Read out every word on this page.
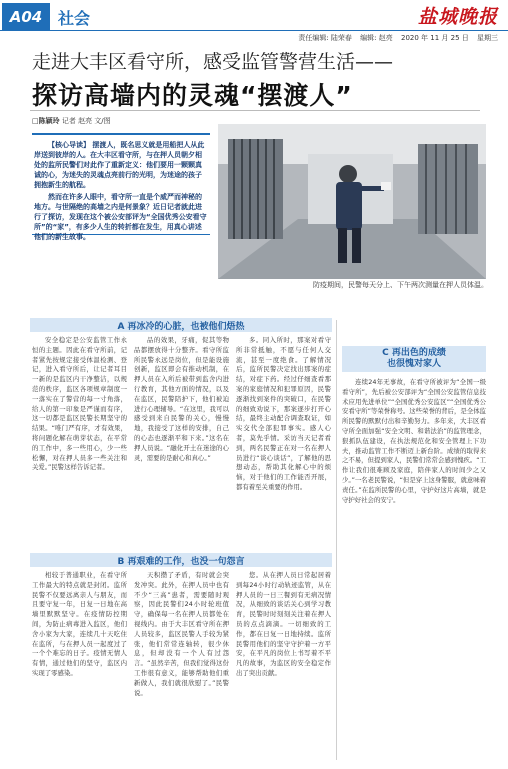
A04 社会	盐城晚报
责任编辑: 陆荣春 编辑: 赵亮 2020 年 11 月 25 日 星期三
走进大丰区看守所，感受监管警营生活——
探访高墙内的灵魂“摆渡人”
□陈颖玲 记者 赵亮 文/图

【核心导读】 摆渡人，既名思义就是用船把人从此岸送到彼岸的人。在大丰区看守所，与在押人员朝夕相处的监所民警们对此作了重新定义：他们要用一颗颗真诚的心，为迷失的灵魂点亮前行的光明，为迷途的孩子拥抱新生的航程。

然而在许多人眼中，看守所一直是个威严而神秘的地方。与世隔绝的高墙之内是何景象？近日记者就此进行了探访，发现在这个被公安部评为“全国优秀公安看守所”的“家”，有多少人生的转折都在发生，用真心讲述他们的新生故事。

防疫期间，民警每天分上、下午两次测量在押人员体温。
A 再冰冷的心脏，也被他们焐热

安全稳定是公安监管工作永恒的主题。因此在看守所前，记者紧先按规定接受体温检测、登记，进入看守所后，让记者耳目一新的是监区内干净整洁，以规范的秩序，监区各项规章制度一一落实在了警营的每一寸角落，给人的第一印象是严谨而有序，这一切都是监区民警长期坚守的结果。“唯门严有序，才有效果，将问题化解在萌芽状态，在平常的工作中，多一些用心，少一些松懈，对在押人员多一些关注和关爱。”民警这样告诉记者。

品的效果，牙痛，促其等物品都摆放得十分整齐。看守所监所民警永远是岗位，但是能设施创新，监区即会有推动机制，在押人员在入所后被带到监舍内进行教育，其他方面的情况，以及在监区，民警陪护下，他们被迫进行心理辅导。“在这里，我可以感受到来自民警的关心，慢慢地，我接受了这样的安排，自己的心态也逐渐平和下来。”这名在押人员说。“融化开土在迷途的心灵，需要的是耐心和真心。”

多。同入所时，那案对看守所非常抵触，不愿与任何人交流，甚至一度绝食。了解情况后，监所民警决定找出那案的症结，对症下药。经过仔细查看那案的家庭情况和犯罪原因，民警逐渐找到案件的突破口，在民警的细致劝说下，那案逐步打开心结，最终主动配合调查取证，如实交代全部犯罪事实。感人心者，莫先乎情。采访当天记者看到，两名民警正在对一名在押人员进行“谈心谈话”，了解他的思想动态，帮助其化解心中的烦恼，对于他们的工作能否开展，都有着至关重要的作用。

B 再艰难的工作，也没一句怨言

相较于普通职业，在看守所工作最大的特点就是封闭。监所民警不仅要远离亲人与朋友，而且要守复一年，日复一日地在高墙里默默坚守。在疫情防控期间，为防止病毒进入监区，他们舍小家为大家，连续几十天吃住在监所，与在押人员一起度过了一个个难忘的日子。疫情无情人有情，通过他们的坚守，监区内实现了零感染。

天积攒了矛盾，有时就会突发冲突。此外，在押人员中也有不少“三高”患者，需要随时观察，因此民警们24小时轮班值守，确保每一名在押人员都处在视线内。由于大丰区看守所在押人员较多，监区民警人手较为紧张，他们常常连轴转，很少休息，但却没有一个人有过怨言。“虽然辛苦，但我们觉得这份工作很有意义，能够帮助他们重新做人，我们就很欣慰了。”民警说。

您。从在押人员日常起居着到每24小时行动轨迹监管，从在押人员的一日三餐到有无病况情况，从细致的谈话关心到学习教育，民警时时刻刻关注着在押人员的点点滴滴。一切细致的工作，都在日复一日地持续。监所民警用他们的坚守守护着一方平安，在平凡的岗位上书写着不平凡的故事，为监区的安全稳定作出了突出贡献。

C 再出色的成绩
也很愧对家人

连续24年无事故，在看守所被评为“全国一级看守所”，先后被公安部评为“全国公安监管信息技术应用先进单位”“全国优秀公安监区”“全国优秀公安看守所”等荣誉称号。这些荣誉的背后，是全体监所民警的默默付出和辛勤努力。多年来，大丰区看守所全面加强“安全文明、和谐法治”的监管理念，狠抓队伍建设，在执法规范化和安全管理上下功夫，推动监管工作不断迈上新台阶。成绩的取得来之不易，但提到家人，民警们常常会感到愧疚。“工作让我们很难顾及家庭，陪伴家人的时间少之又少。”一名老民警说，“但是穿上这身警服，就意味着责任。”在监所民警的心里，守护好这片高墙，就是守护好社会的安宁。
